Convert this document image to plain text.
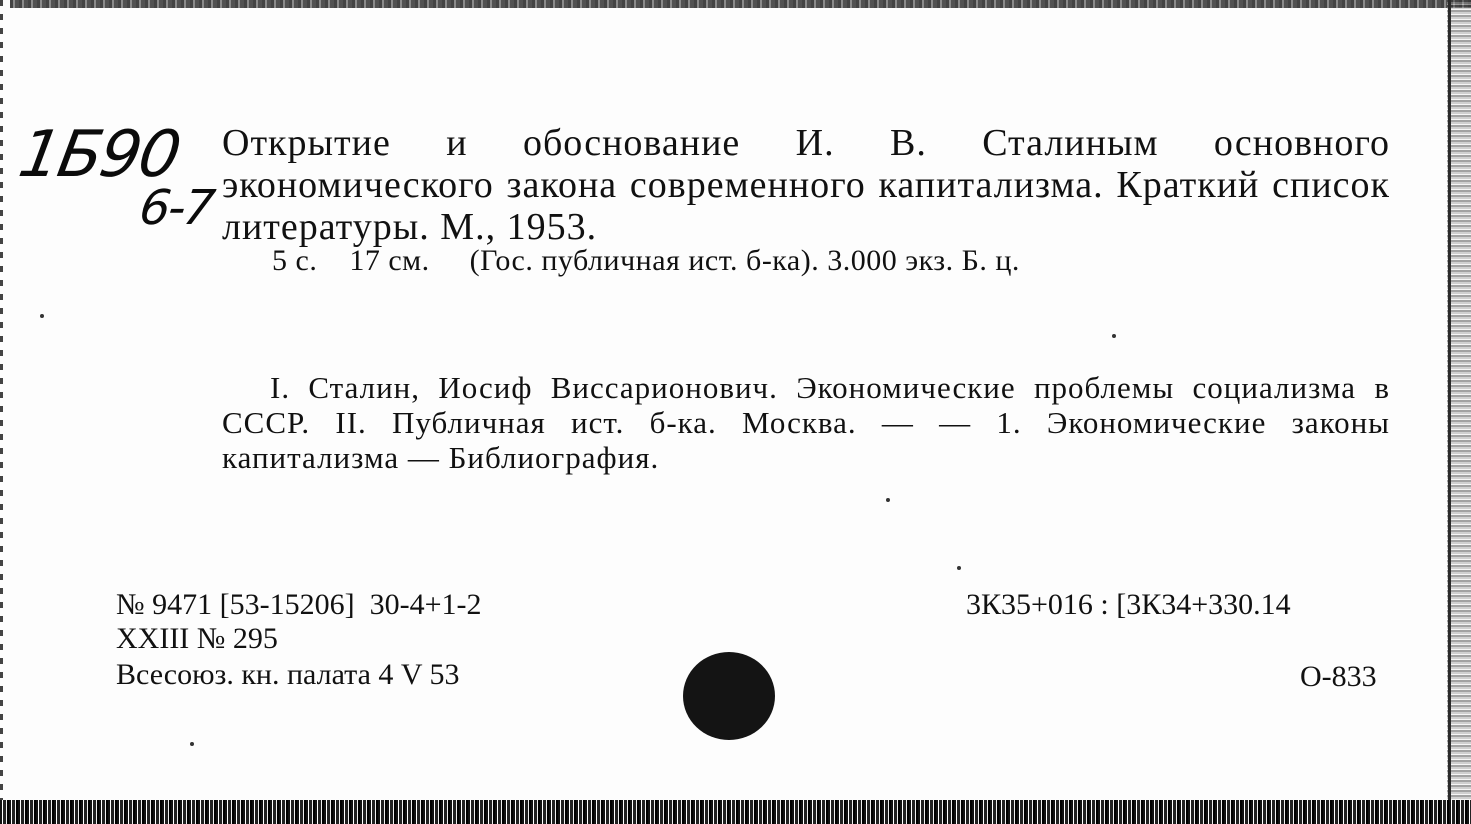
1Б90
6-7
Открытие и обоснование И. В. Сталиным основного экономического закона современного капитализма. Краткий список литературы. М., 1953.
5 с.    17 см.     (Гос. публичная ист. б-ка). 3.000 экз. Б. ц.
I. Сталин, Иосиф Виссарионович. Экономические проблемы социализма в СССР. II. Публичная ист. б-ка. Москва. — — 1. Экономические законы капитализма — Библиография.
№ 9471 [53-15206]  30-4+1-2
XXIII № 295
Всесоюз. кн. палата 4 V 53
3К35+016 : [3К34+330.14
О-833
